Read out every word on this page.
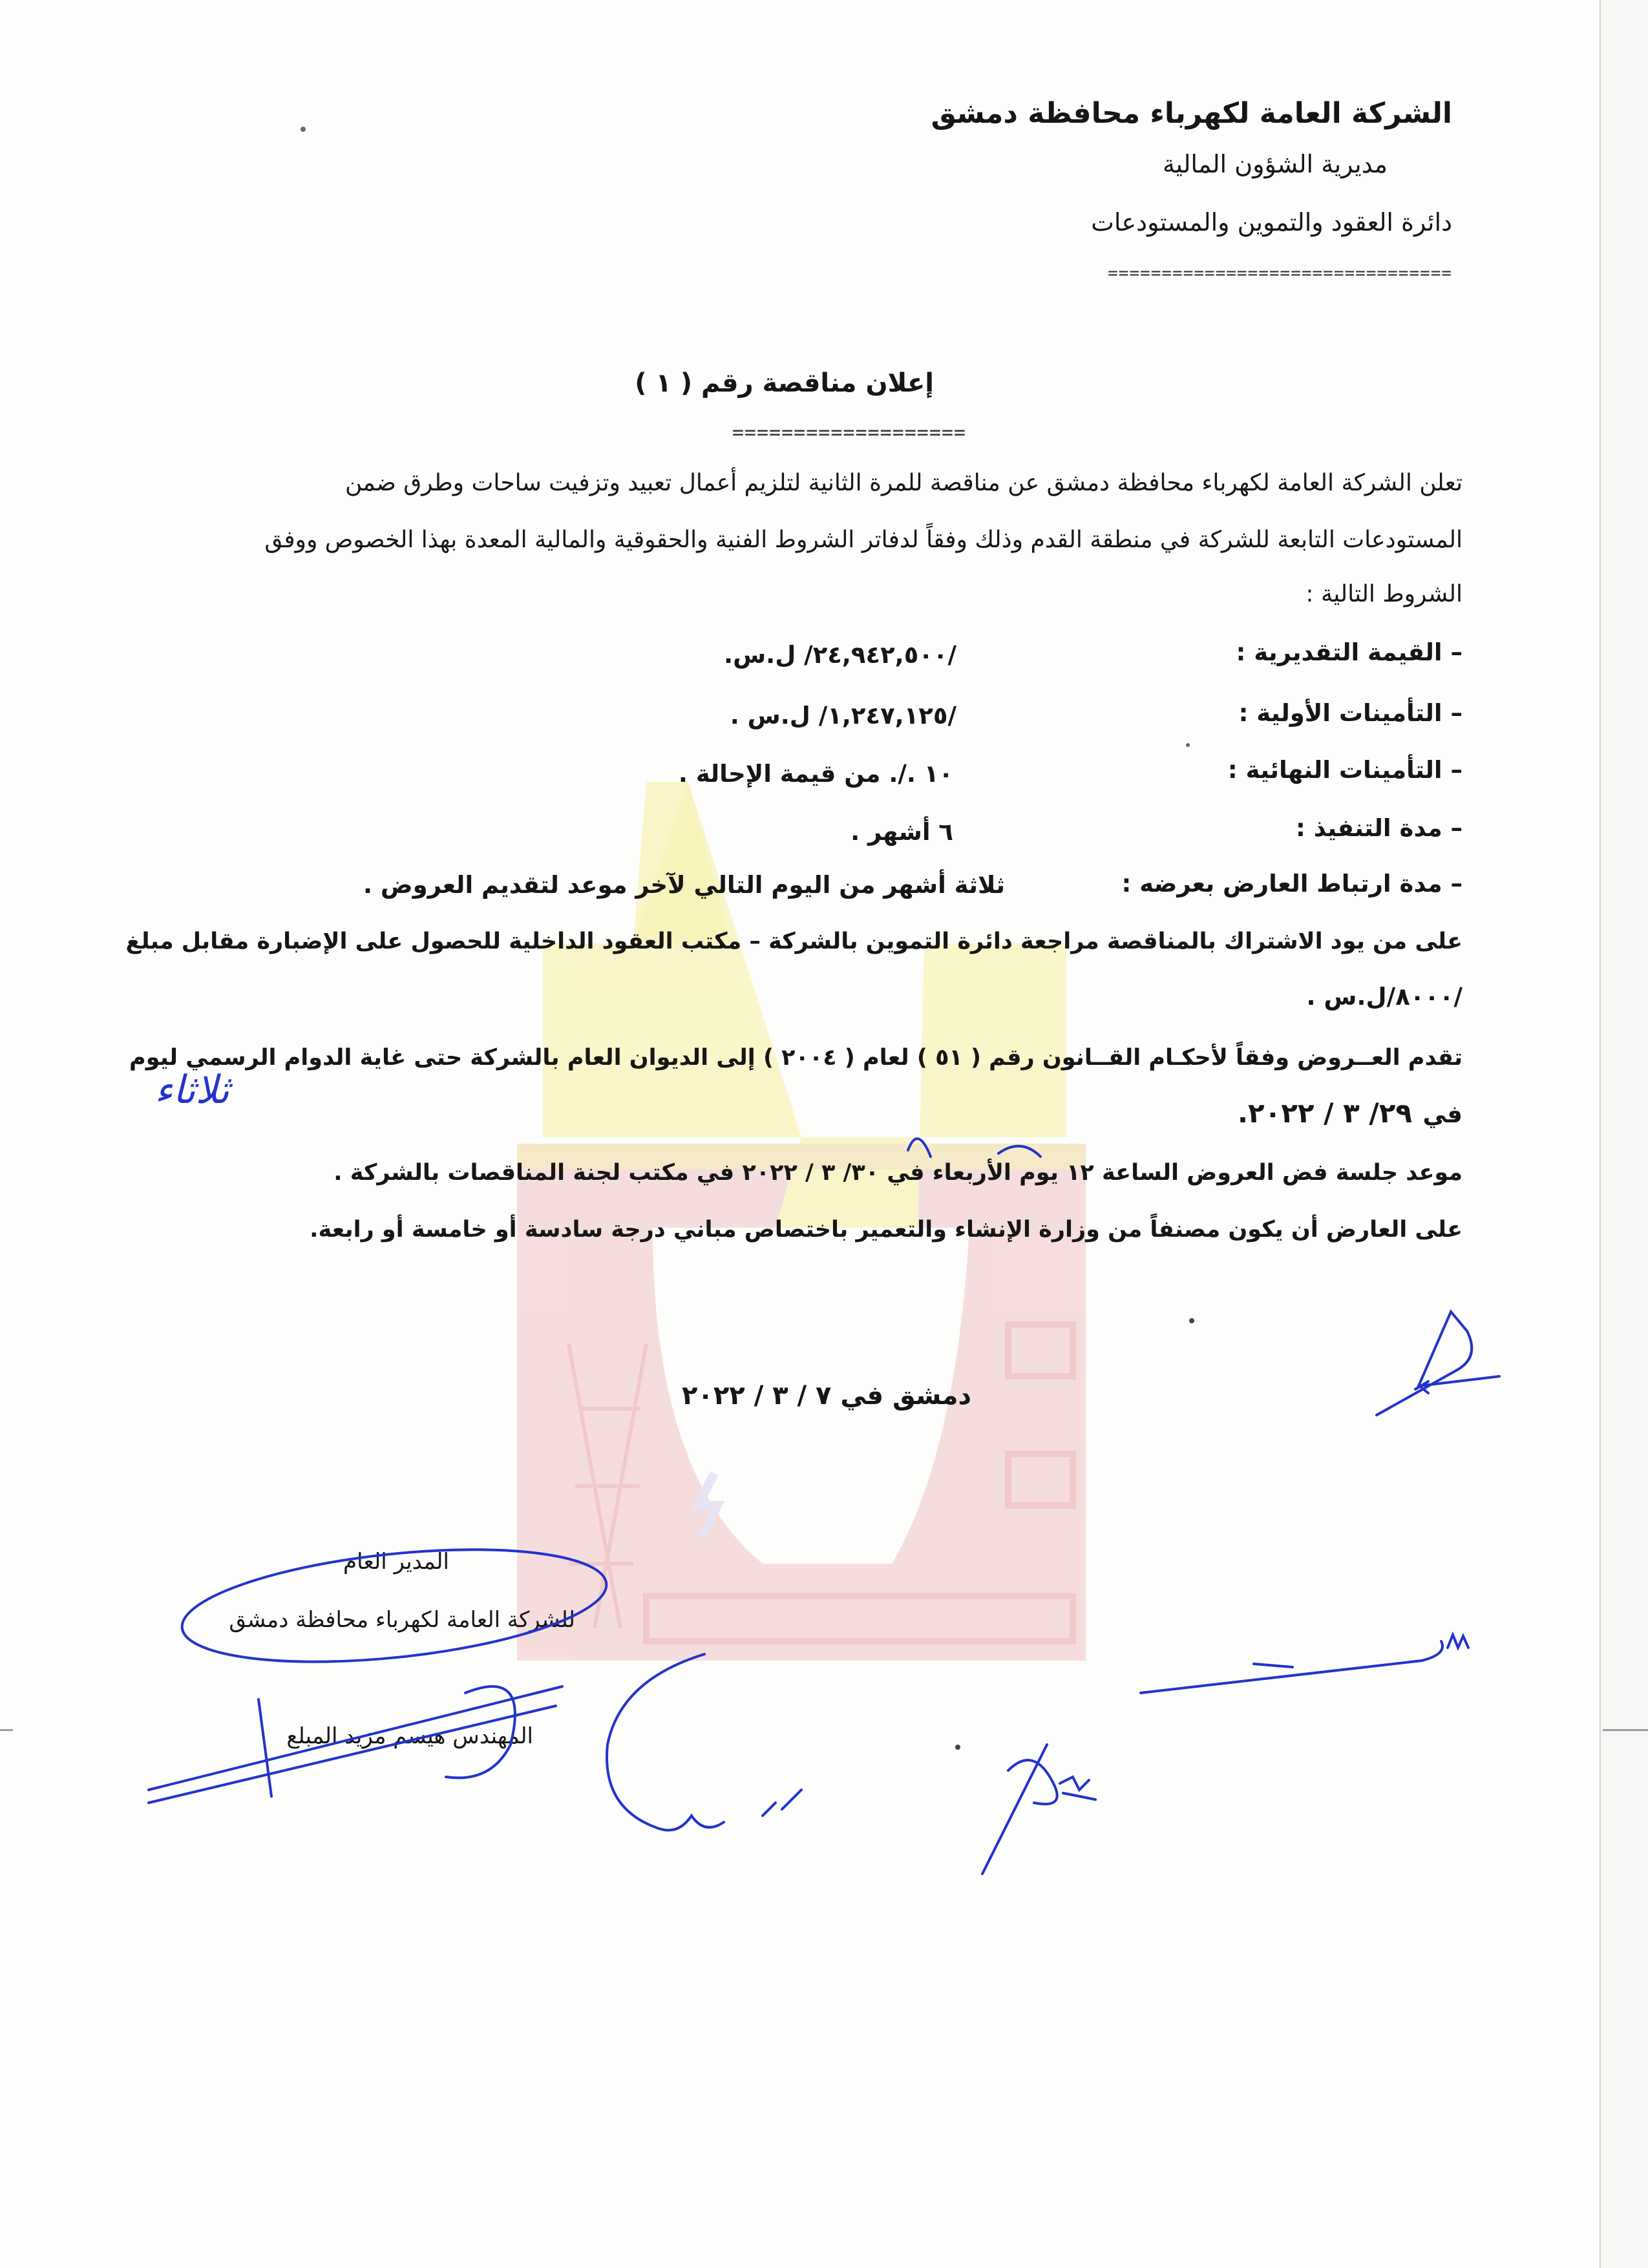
الشركة العامة لكهرباء محافظة دمشق
مديرية الشؤون المالية
دائرة العقود والتموين والمستودعات
================================
إعلان مناقصة رقم ( ١ )
===================
تعلن الشركة العامة لكهرباء محافظة دمشق عن مناقصة للمرة الثانية لتلزيم أعمال تعبيد وتزفيت ساحات وطرق ضمن
المستودعات التابعة للشركة في منطقة القدم وذلك وفقاً لدفاتر الشروط الفنية والحقوقية والمالية المعدة بهذا الخصوص ووفق
الشروط التالية :
– القيمة التقديرية :
/٢٤,٩٤٢,٥٠٠/ ل.س.
– التأمينات الأولية :
/١,٢٤٧,١٢٥/ ل.س .
– التأمينات النهائية :
١٠ ./. من قيمة الإحالة .
– مدة التنفيذ :
٦ أشهر .
– مدة ارتباط العارض بعرضه :
ثلاثة أشهر من اليوم التالي لآخر موعد لتقديم العروض .
على من يود الاشتراك بالمناقصة مراجعة دائرة التموين بالشركة – مكتب العقود الداخلية للحصول على الإضبارة مقابل مبلغ
/٨٠٠٠/ل.س .
تقدم العــروض وفقاً لأحكـام القــانون رقم ( ٥١ ) لعام ( ٢٠٠٤ ) إلى الديوان العام بالشركة حتى غاية الدوام الرسمي ليوم
ثلاثاء
في
٢٩/ ٣ / ٢٠٢٢.
موعد جلسة فض العروض الساعة ١٢ يوم الأربعاء في ٣٠/ ٣ / ٢٠٢٢ في مكتب لجنة المناقصات بالشركة .
على العارض أن يكون مصنفاً من وزارة الإنشاء والتعمير باختصاص مباني درجة سادسة أو خامسة أو رابعة.
دمشق في ٧ / ٣ / ٢٠٢٢
المدير العام
للشركة العامة لكهرباء محافظة دمشق
المهندس هيسم مزيد المبلع
